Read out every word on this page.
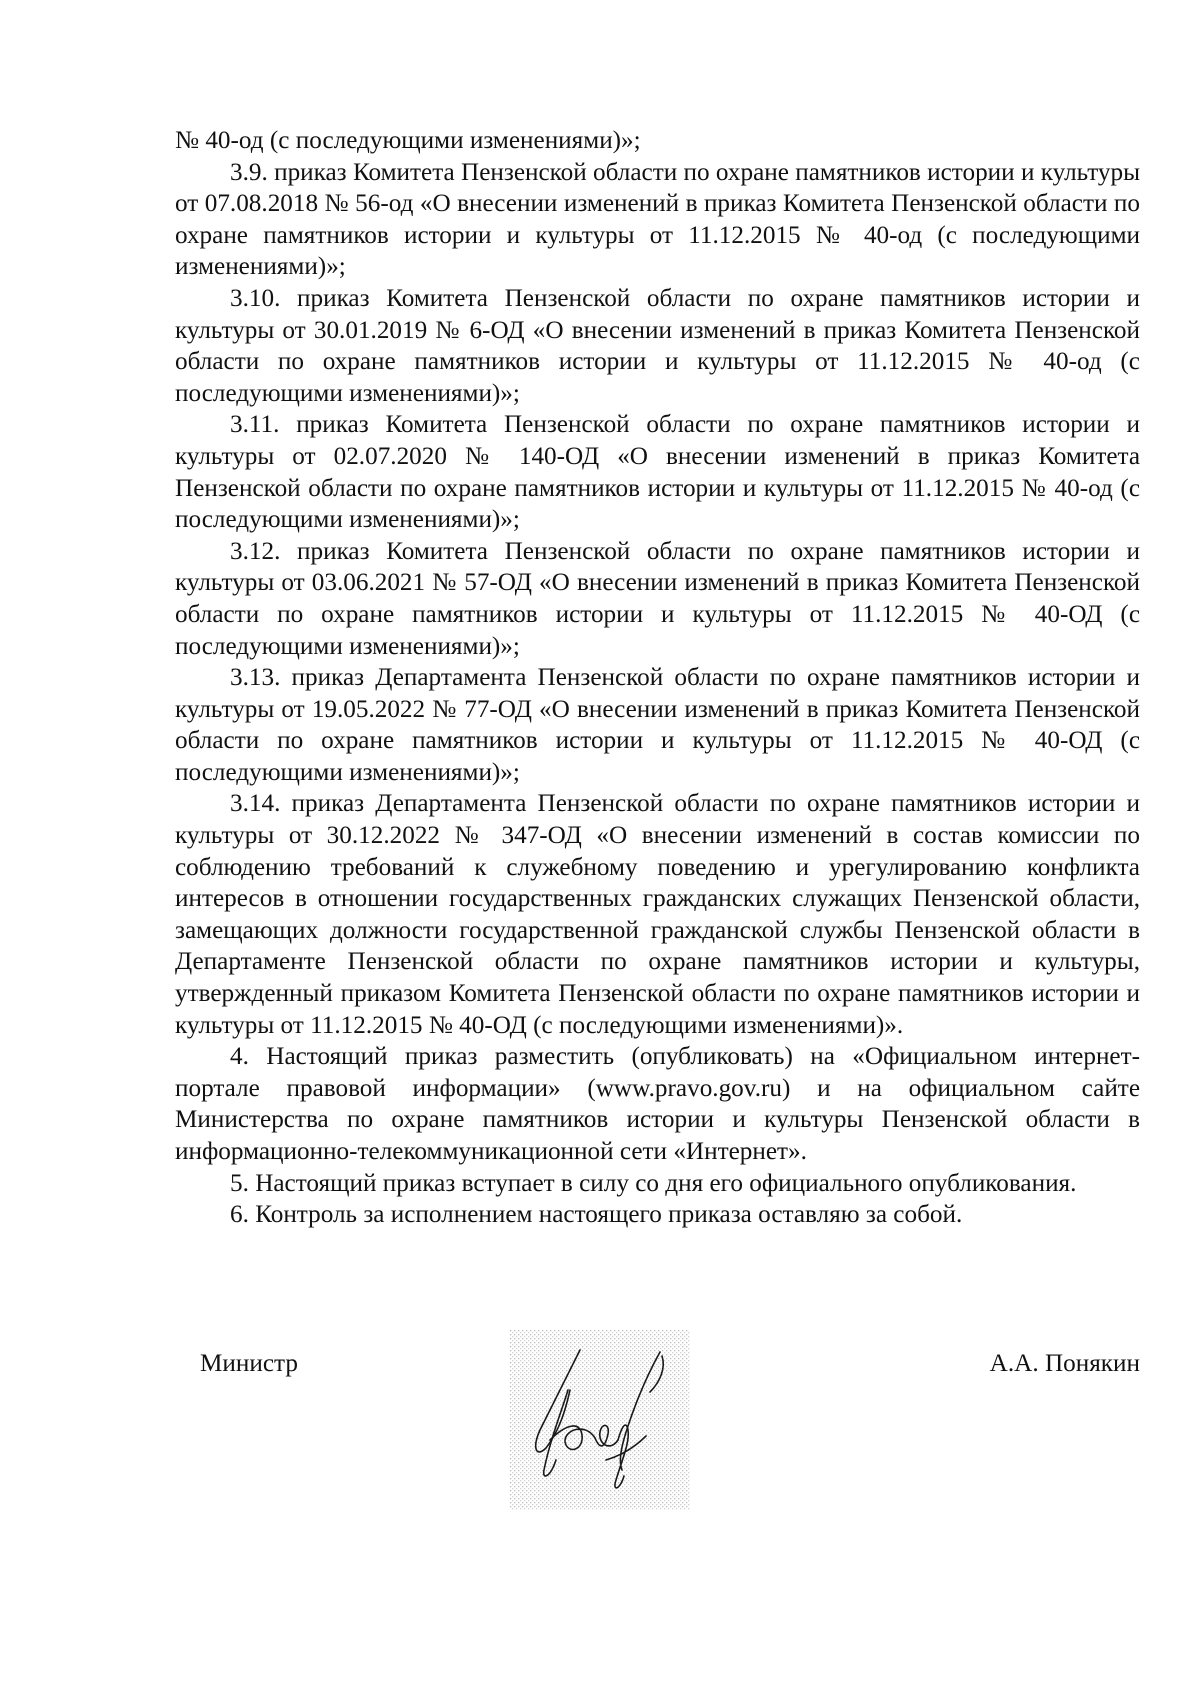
№ 40-од (с последующими изменениями)»;

3.9. приказ Комитета Пензенской области по охране памятников истории и культуры от 07.08.2018 № 56-од «О внесении изменений в приказ Комитета Пензенской области по охране памятников истории и культуры от 11.12.2015 № 40-од (с последующими изменениями)»;

3.10. приказ Комитета Пензенской области по охране памятников истории и культуры от 30.01.2019 № 6-ОД «О внесении изменений в приказ Комитета Пензенской области по охране памятников истории и культуры от 11.12.2015 № 40-од (с последующими изменениями)»;

3.11. приказ Комитета Пензенской области по охране памятников истории и культуры от 02.07.2020 № 140-ОД «О внесении изменений в приказ Комитета Пензенской области по охране памятников истории и культуры от 11.12.2015 № 40-од (с последующими изменениями)»;

3.12. приказ Комитета Пензенской области по охране памятников истории и культуры от 03.06.2021 № 57-ОД «О внесении изменений в приказ Комитета Пензенской области по охране памятников истории и культуры от 11.12.2015 № 40-ОД (с последующими изменениями)»;

3.13. приказ Департамента Пензенской области по охране памятников истории и культуры от 19.05.2022 № 77-ОД «О внесении изменений в приказ Комитета Пензенской области по охране памятников истории и культуры от 11.12.2015 № 40-ОД (с последующими изменениями)»;

3.14. приказ Департамента Пензенской области по охране памятников истории и культуры от 30.12.2022 № 347-ОД «О внесении изменений в состав комиссии по соблюдению требований к служебному поведению и урегулированию конфликта интересов в отношении государственных гражданских служащих Пензенской области, замещающих должности государственной гражданской службы Пензенской области в Департаменте Пензенской области по охране памятников истории и культуры, утвержденный приказом Комитета Пензенской области по охране памятников истории и культуры от 11.12.2015 № 40-ОД (с последующими изменениями)».

4. Настоящий приказ разместить (опубликовать) на «Официальном интернет-портале правовой информации» (www.pravo.gov.ru) и на официальном сайте Министерства по охране памятников истории и культуры Пензенской области в информационно-телекоммуникационной сети «Интернет».

5. Настоящий приказ вступает в силу со дня его официального опубликования.

6. Контроль за исполнением настоящего приказа оставляю за собой.

Министр	А.А. Понякин
